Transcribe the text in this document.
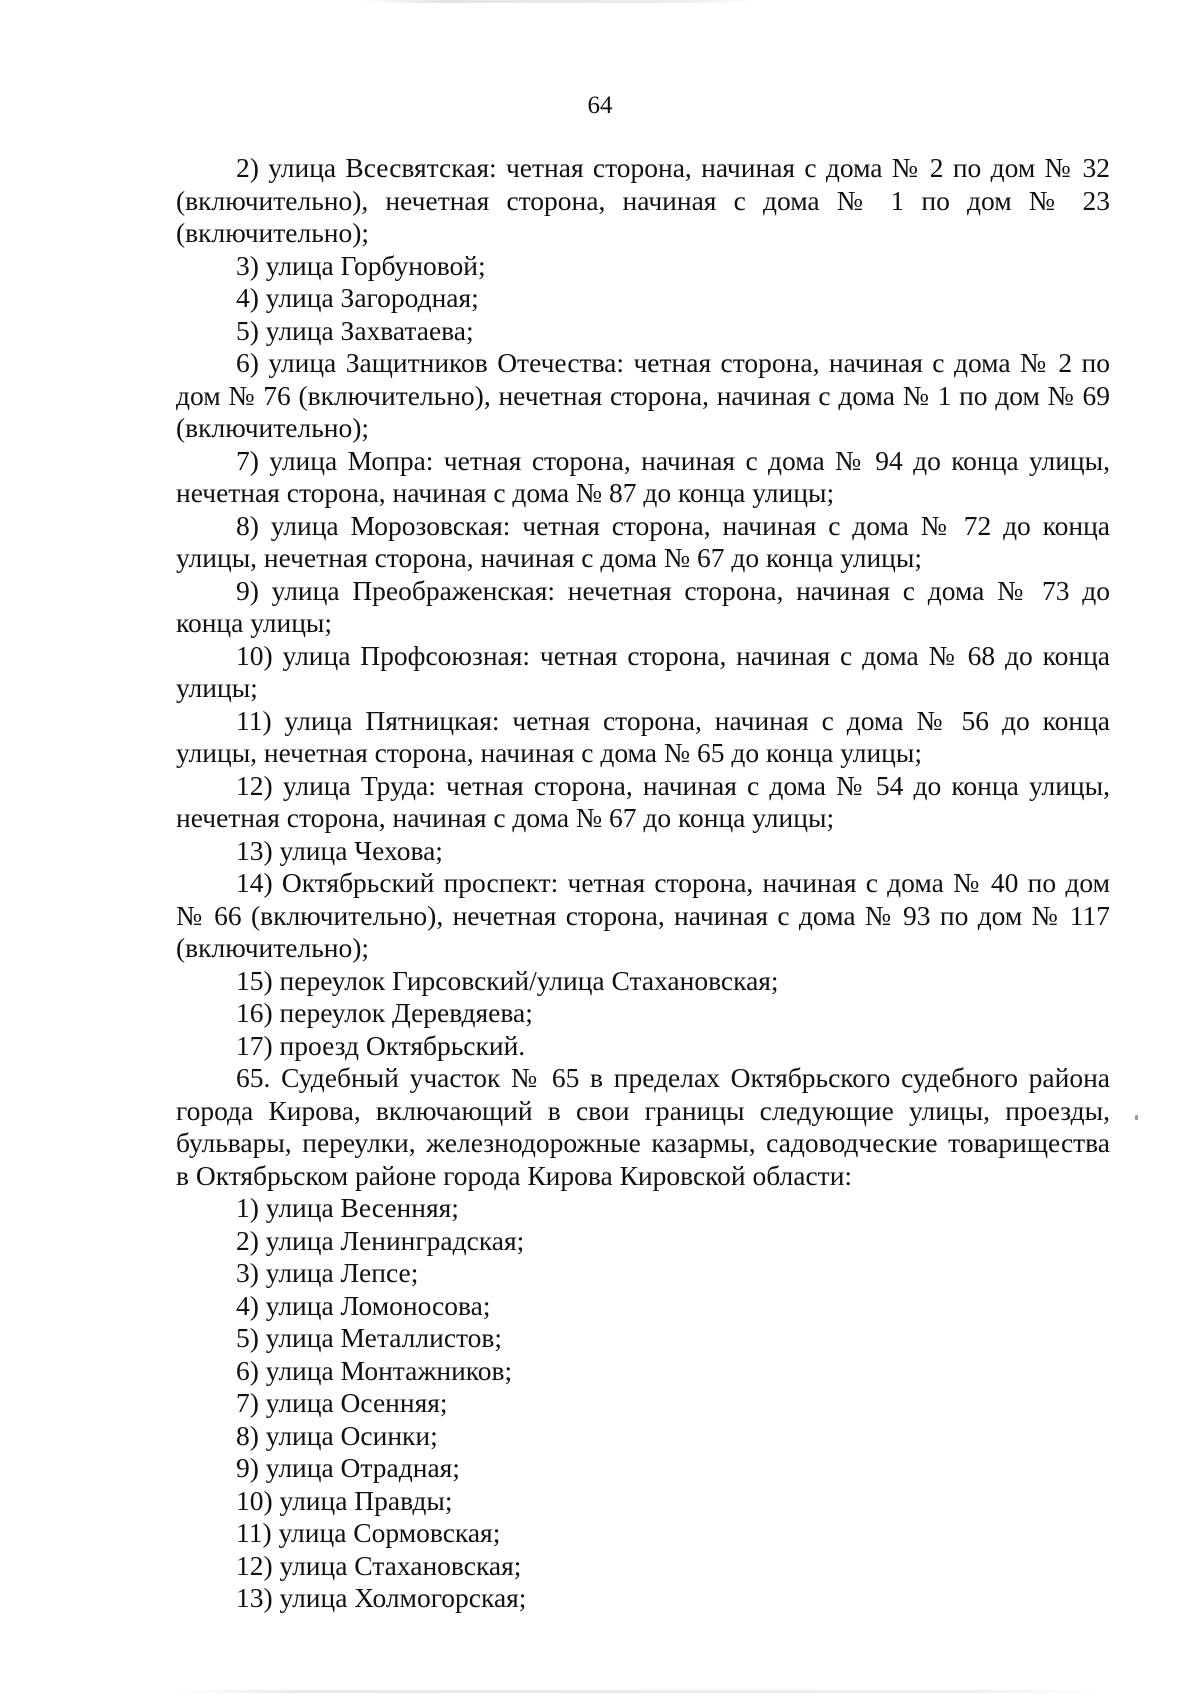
64

2) улица Всесвятская: четная сторона, начиная с дома № 2 по дом № 32 (включительно), нечетная сторона, начиная с дома № 1 по дом № 23 (включительно);

3) улица Горбуновой;

4) улица Загородная;

5) улица Захватаева;

6) улица Защитников Отечества: четная сторона, начиная с дома № 2 по дом № 76 (включительно), нечетная сторона, начиная с дома № 1 по дом № 69 (включительно);

7) улица Мопра: четная сторона, начиная с дома № 94 до конца улицы, нечетная сторона, начиная с дома № 87 до конца улицы;

8) улица Морозовская: четная сторона, начиная с дома № 72 до конца улицы, нечетная сторона, начиная с дома № 67 до конца улицы;

9) улица Преображенская: нечетная сторона, начиная с дома № 73 до конца улицы;

10) улица Профсоюзная: четная сторона, начиная с дома № 68 до конца улицы;

11) улица Пятницкая: четная сторона, начиная с дома № 56 до конца улицы, нечетная сторона, начиная с дома № 65 до конца улицы;

12) улица Труда: четная сторона, начиная с дома № 54 до конца улицы, нечетная сторона, начиная с дома № 67 до конца улицы;

13) улица Чехова;

14) Октябрьский проспект: четная сторона, начиная с дома № 40 по дом № 66 (включительно), нечетная сторона, начиная с дома № 93 по дом № 117 (включительно);

15) переулок Гирсовский/улица Стахановская;

16) переулок Деревдяева;

17) проезд Октябрьский.

65. Судебный участок № 65 в пределах Октябрьского судебного района города Кирова, включающий в свои границы следующие улицы, проезды, бульвары, переулки, железнодорожные казармы, садоводческие товарищества в Октябрьском районе города Кирова Кировской области:

1) улица Весенняя;

2) улица Ленинградская;

3) улица Лепсе;

4) улица Ломоносова;

5) улица Металлистов;

6) улица Монтажников;

7) улица Осенняя;

8) улица Осинки;

9) улица Отрадная;

10) улица Правды;

11) улица Сормовская;

12) улица Стахановская;

13) улица Холмогорская;
